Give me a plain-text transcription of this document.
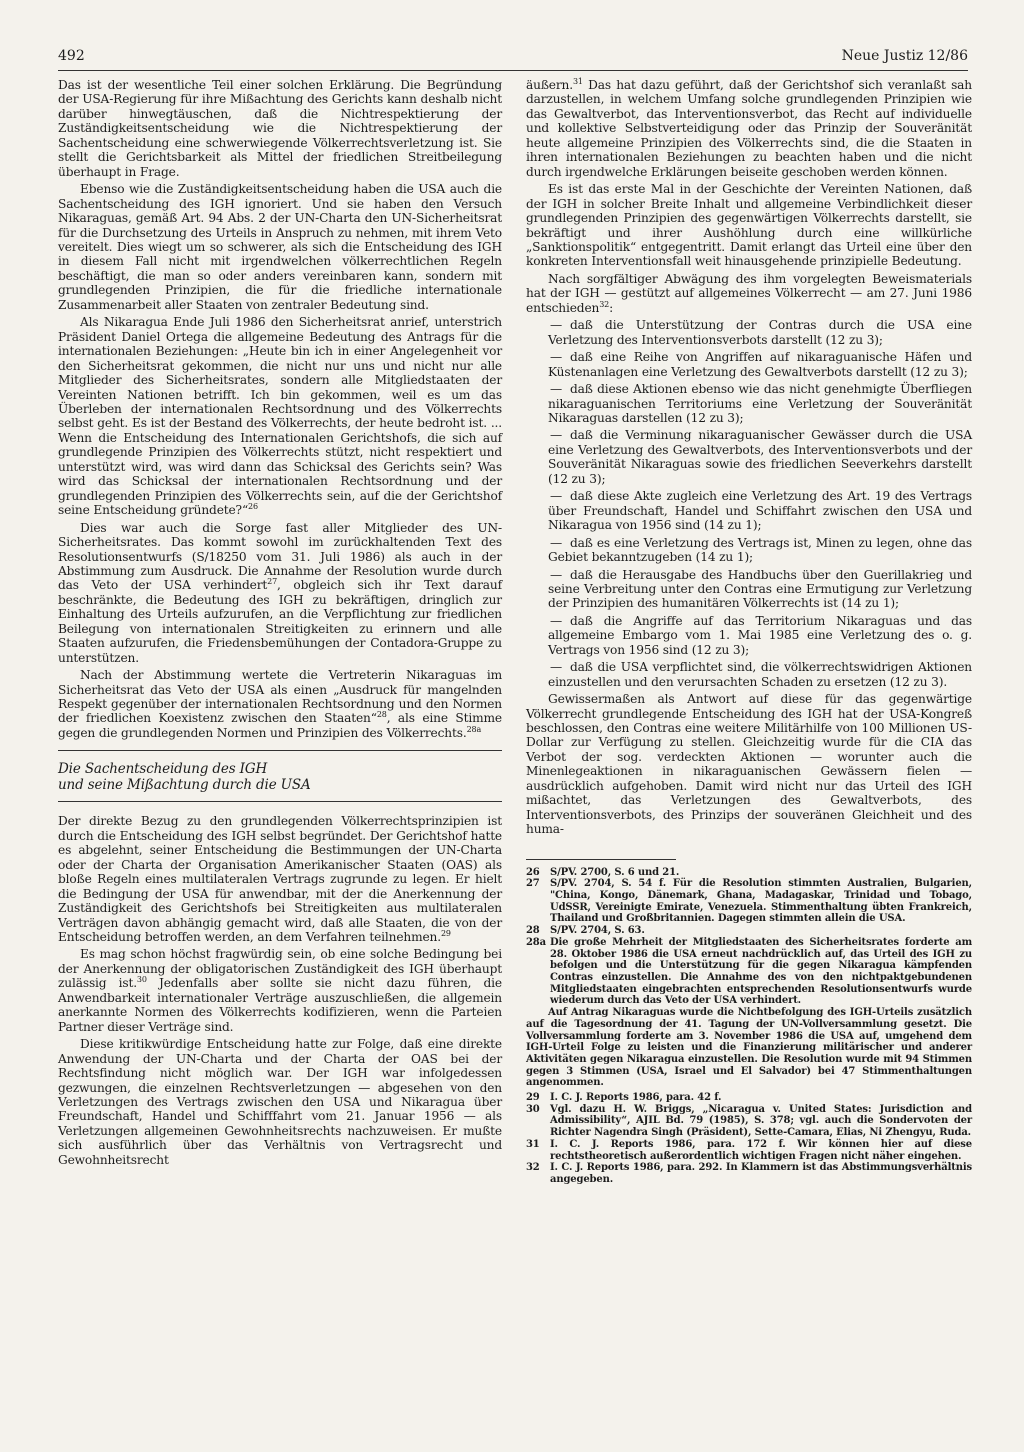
492	Neue Justiz 12/86

Das ist der wesentliche Teil einer solchen Erklärung. Die Begründung der USA-Regierung für ihre Mißachtung des Gerichts kann deshalb nicht darüber hinwegtäuschen, daß die Nichtrespektierung der Zuständigkeitsentscheidung wie die Nichtrespektierung der Sachentscheidung eine schwerwiegende Völkerrechtsverletzung ist. Sie stellt die Gerichtsbarkeit als Mittel der friedlichen Streitbeilegung überhaupt in Frage.

Ebenso wie die Zuständigkeitsentscheidung haben die USA auch die Sachentscheidung des IGH ignoriert. Und sie haben den Versuch Nikaraguas, gemäß Art. 94 Abs. 2 der UN-Charta den UN-Sicherheitsrat für die Durchsetzung des Urteils in Anspruch zu nehmen, mit ihrem Veto vereitelt. Dies wiegt um so schwerer, als sich die Entscheidung des IGH in diesem Fall nicht mit irgendwelchen völkerrechtlichen Regeln beschäftigt, die man so oder anders vereinbaren kann, sondern mit grundlegenden Prinzipien, die für die friedliche internationale Zusammenarbeit aller Staaten von zentraler Bedeutung sind.

Als Nikaragua Ende Juli 1986 den Sicherheitsrat anrief, unterstrich Präsident Daniel Ortega die allgemeine Bedeutung des Antrags für die internationalen Beziehungen: „Heute bin ich in einer Angelegenheit vor den Sicherheitsrat gekommen, die nicht nur uns und nicht nur alle Mitglieder des Sicherheitsrates, sondern alle Mitgliedstaaten der Vereinten Nationen betrifft. Ich bin gekommen, weil es um das Überleben der internationalen Rechtsordnung und des Völkerrechts selbst geht. Es ist der Bestand des Völkerrechts, der heute bedroht ist. ... Wenn die Entscheidung des Internationalen Gerichtshofs, die sich auf grundlegende Prinzipien des Völkerrechts stützt, nicht respektiert und unterstützt wird, was wird dann das Schicksal des Gerichts sein? Was wird das Schicksal der internationalen Rechtsordnung und der grundlegenden Prinzipien des Völkerrechts sein, auf die der Gerichtshof seine Entscheidung gründete?“$^{26}$

Dies war auch die Sorge fast aller Mitglieder des UN-Sicherheitsrates. Das kommt sowohl im zurückhaltenden Text des Resolutionsentwurfs (S/18250 vom 31. Juli 1986) als auch in der Abstimmung zum Ausdruck. Die Annahme der Resolution wurde durch das Veto der USA verhindert$^{27}$, obgleich sich ihr Text darauf beschränkte, die Bedeutung des IGH zu bekräftigen, dringlich zur Einhaltung des Urteils aufzurufen, an die Verpflichtung zur friedlichen Beilegung von internationalen Streitigkeiten zu erinnern und alle Staaten aufzurufen, die Friedensbemühungen der Contadora-Gruppe zu unterstützen.

Nach der Abstimmung wertete die Vertreterin Nikaraguas im Sicherheitsrat das Veto der USA als einen „Ausdruck für mangelnden Respekt gegenüber der internationalen Rechtsordnung und den Normen der friedlichen Koexistenz zwischen den Staaten“$^{28}$, als eine Stimme gegen die grundlegenden Normen und Prinzipien des Völkerrechts.$^{28a}$

Die Sachentscheidung des IGH
und seine Mißachtung durch die USA

Der direkte Bezug zu den grundlegenden Völkerrechtsprinzipien ist durch die Entscheidung des IGH selbst begründet. Der Gerichtshof hatte es abgelehnt, seiner Entscheidung die Bestimmungen der UN-Charta oder der Charta der Organisation Amerikanischer Staaten (OAS) als bloße Regeln eines multilateralen Vertrags zugrunde zu legen. Er hielt die Bedingung der USA für anwendbar, mit der die Anerkennung der Zuständigkeit des Gerichtshofs bei Streitigkeiten aus multilateralen Verträgen davon abhängig gemacht wird, daß alle Staaten, die von der Entscheidung betroffen werden, an dem Verfahren teilnehmen.$^{29}$

Es mag schon höchst fragwürdig sein, ob eine solche Bedingung bei der Anerkennung der obligatorischen Zuständigkeit des IGH überhaupt zulässig ist.$^{30}$ Jedenfalls aber sollte sie nicht dazu führen, die Anwendbarkeit internationaler Verträge auszuschließen, die allgemein anerkannte Normen des Völkerrechts kodifizieren, wenn die Parteien Partner dieser Verträge sind.

Diese kritikwürdige Entscheidung hatte zur Folge, daß eine direkte Anwendung der UN-Charta und der Charta der OAS bei der Rechtsfindung nicht möglich war. Der IGH war infolgedessen gezwungen, die einzelnen Rechtsverletzungen — abgesehen von den Verletzungen des Vertrags zwischen den USA und Nikaragua über Freundschaft, Handel und Schifffahrt vom 21. Januar 1956 — als Verletzungen allgemeinen Gewohnheitsrechts nachzuweisen. Er mußte sich ausführlich über das Verhältnis von Vertragsrecht und Gewohnheitsrecht

äußern.$^{31}$ Das hat dazu geführt, daß der Gerichtshof sich veranlaßt sah darzustellen, in welchem Umfang solche grundlegenden Prinzipien wie das Gewaltverbot, das Interventionsverbot, das Recht auf individuelle und kollektive Selbstverteidigung oder das Prinzip der Souveränität heute allgemeine Prinzipien des Völkerrechts sind, die die Staaten in ihren internationalen Beziehungen zu beachten haben und die nicht durch irgendwelche Erklärungen beiseite geschoben werden können.

Es ist das erste Mal in der Geschichte der Vereinten Nationen, daß der IGH in solcher Breite Inhalt und allgemeine Verbindlichkeit dieser grundlegenden Prinzipien des gegenwärtigen Völkerrechts darstellt, sie bekräftigt und ihrer Aushöhlung durch eine willkürliche „Sanktionspolitik“ entgegentritt. Damit erlangt das Urteil eine über den konkreten Interventionsfall weit hinausgehende prinzipielle Bedeutung.

Nach sorgfältiger Abwägung des ihm vorgelegten Beweismaterials hat der IGH — gestützt auf allgemeines Völkerrecht — am 27. Juni 1986 entschieden$^{32}$:

— daß die Unterstützung der Contras durch die USA eine Verletzung des Interventionsverbots darstellt (12 zu 3);

— daß eine Reihe von Angriffen auf nikaraguanische Häfen und Küstenanlagen eine Verletzung des Gewaltverbots darstellt (12 zu 3);

— daß diese Aktionen ebenso wie das nicht genehmigte Überfliegen nikaraguanischen Territoriums eine Verletzung der Souveränität Nikaraguas darstellen (12 zu 3);

— daß die Verminung nikaraguanischer Gewässer durch die USA eine Verletzung des Gewaltverbots, des Interventionsverbots und der Souveränität Nikaraguas sowie des friedlichen Seeverkehrs darstellt (12 zu 3);

— daß diese Akte zugleich eine Verletzung des Art. 19 des Vertrags über Freundschaft, Handel und Schiffahrt zwischen den USA und Nikaragua von 1956 sind (14 zu 1);

— daß es eine Verletzung des Vertrags ist, Minen zu legen, ohne das Gebiet bekanntzugeben (14 zu 1);

— daß die Herausgabe des Handbuchs über den Guerillakrieg und seine Verbreitung unter den Contras eine Ermutigung zur Verletzung der Prinzipien des humanitären Völkerrechts ist (14 zu 1);

— daß die Angriffe auf das Territorium Nikaraguas und das allgemeine Embargo vom 1. Mai 1985 eine Verletzung des o. g. Vertrags von 1956 sind (12 zu 3);

— daß die USA verpflichtet sind, die völkerrechtswidrigen Aktionen einzustellen und den verursachten Schaden zu ersetzen (12 zu 3).

Gewissermaßen als Antwort auf diese für das gegenwärtige Völkerrecht grundlegende Entscheidung des IGH hat der USA-Kongreß beschlossen, den Contras eine weitere Militärhilfe von 100 Millionen US-Dollar zur Verfügung zu stellen. Gleichzeitig wurde für die CIA das Verbot der sog. verdeckten Aktionen — worunter auch die Minenlegeaktionen in nikaraguanischen Gewässern fielen — ausdrücklich aufgehoben. Damit wird nicht nur das Urteil des IGH mißachtet, das Verletzungen des Gewaltverbots, des Interventionsverbots, des Prinzips der souveränen Gleichheit und des huma-

26	S/PV. 2700, S. 6 und 21.
27	S/PV. 2704, S. 54 f. Für die Resolution stimmten Australien, Bulgarien, "China, Kongo, Dänemark, Ghana, Madagaskar, Trinidad und Tobago, UdSSR, Vereinigte Emirate, Venezuela. Stimmenthaltung übten Frankreich, Thailand und Großbritannien. Dagegen stimmten allein die USA.
28	S/PV. 2704, S. 63.
28a Die große Mehrheit der Mitgliedstaaten des Sicherheitsrates forderte am 28. Oktober 1986 die USA erneut nachdrücklich auf, das Urteil des IGH zu befolgen und die Unterstützung für die gegen Nikaragua kämpfenden Contras einzustellen. Die Annahme des von den nichtpaktgebundenen Mitgliedstaaten eingebrachten entsprechenden Resolutionsentwurfs wurde wiederum durch das Veto der USA verhindert.

Auf Antrag Nikaraguas wurde die Nichtbefolgung des IGH-Urteils zusätzlich auf die Tagesordnung der 41. Tagung der UN-Vollversammlung gesetzt. Die Vollversammlung forderte am 3. November 1986 die USA auf, umgehend dem IGH-Urteil Folge zu leisten und die Finanzierung militärischer und anderer Aktivitäten gegen Nikaragua einzustellen. Die Resolution wurde mit 94 Stimmen gegen 3 Stimmen (USA, Israel und El Salvador) bei 47 Stimmenthaltungen angenommen.

29	I. C. J. Reports 1986, para. 42 f.
30	Vgl. dazu H. W. Briggs, „Nicaragua v. United States: Jurisdiction and Admissibility“, AJIL Bd. 79 (1985), S. 378; vgl. auch die Sondervoten der Richter Nagendra Singh (Präsident), Sette-Camara, Elias, Ni Zhengyu, Ruda.
31	I. C. J. Reports 1986, para. 172 f. Wir können hier auf diese rechtstheoretisch außerordentlich wichtigen Fragen nicht näher eingehen.
32	I. C. J. Reports 1986, para. 292. In Klammern ist das Abstimmungsverhältnis angegeben.
